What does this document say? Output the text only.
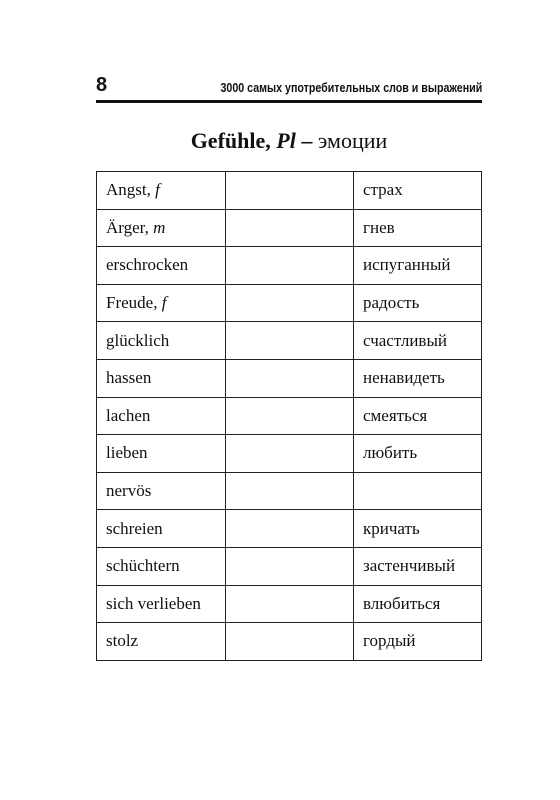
8	3000 самых употребительных слов и выражений
Gefühle, Pl – эмоции
Angst, f		страх
Ärger, m		гнев
erschrocken		испуганный
Freude, f		радость
glücklich		счастливый
hassen		ненавидеть
lachen		смеяться
lieben		любить
nervös		
schreien		кричать
schüchtern		застенчивый
sich verlieben		влюбиться
stolz		гордый
